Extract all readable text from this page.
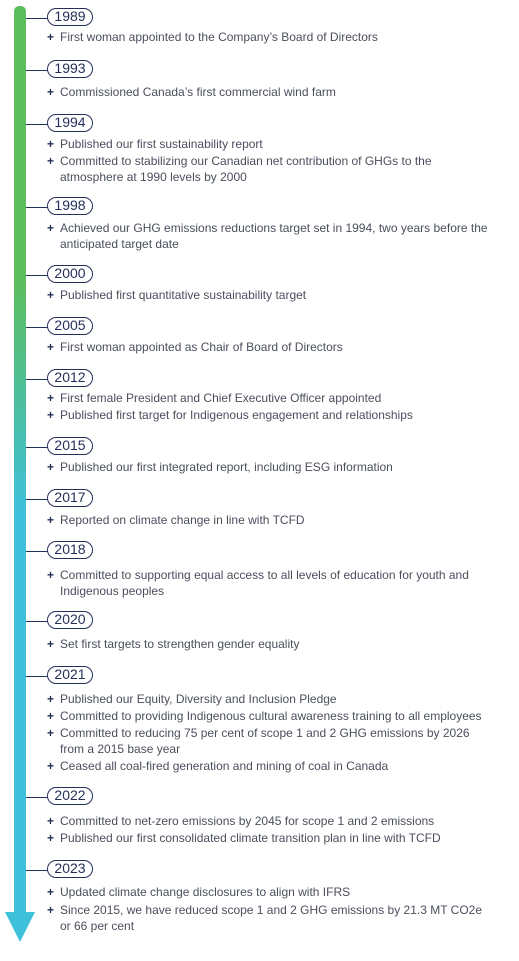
1989
+ First woman appointed to the Company’s Board of Directors
1993
+ Commissioned Canada’s first commercial wind farm
1994
+ Published our first sustainability report
+ Committed to stabilizing our Canadian net contribution of GHGs to the
atmosphere at 1990 levels by 2000
1998
+ Achieved our GHG emissions reductions target set in 1994, two years before the
anticipated target date
2000
+ Published first quantitative sustainability target
2005
+ First woman appointed as Chair of Board of Directors
2012
+ First female President and Chief Executive Officer appointed
+ Published first target for Indigenous engagement and relationships
2015
+ Published our first integrated report, including ESG information
2017
+ Reported on climate change in line with TCFD
2018
+ Committed to supporting equal access to all levels of education for youth and
Indigenous peoples
2020
+ Set first targets to strengthen gender equality
2021
+ Published our Equity, Diversity and Inclusion Pledge
+ Committed to providing Indigenous cultural awareness training to all employees
+ Committed to reducing 75 per cent of scope 1 and 2 GHG emissions by 2026
from a 2015 base year
+ Ceased all coal-fired generation and mining of coal in Canada
2022
+ Committed to net-zero emissions by 2045 for scope 1 and 2 emissions
+ Published our first consolidated climate transition plan in line with TCFD
2023
+ Updated climate change disclosures to align with IFRS
+ Since 2015, we have reduced scope 1 and 2 GHG emissions by 21.3 MT CO2e
or 66 per cent
